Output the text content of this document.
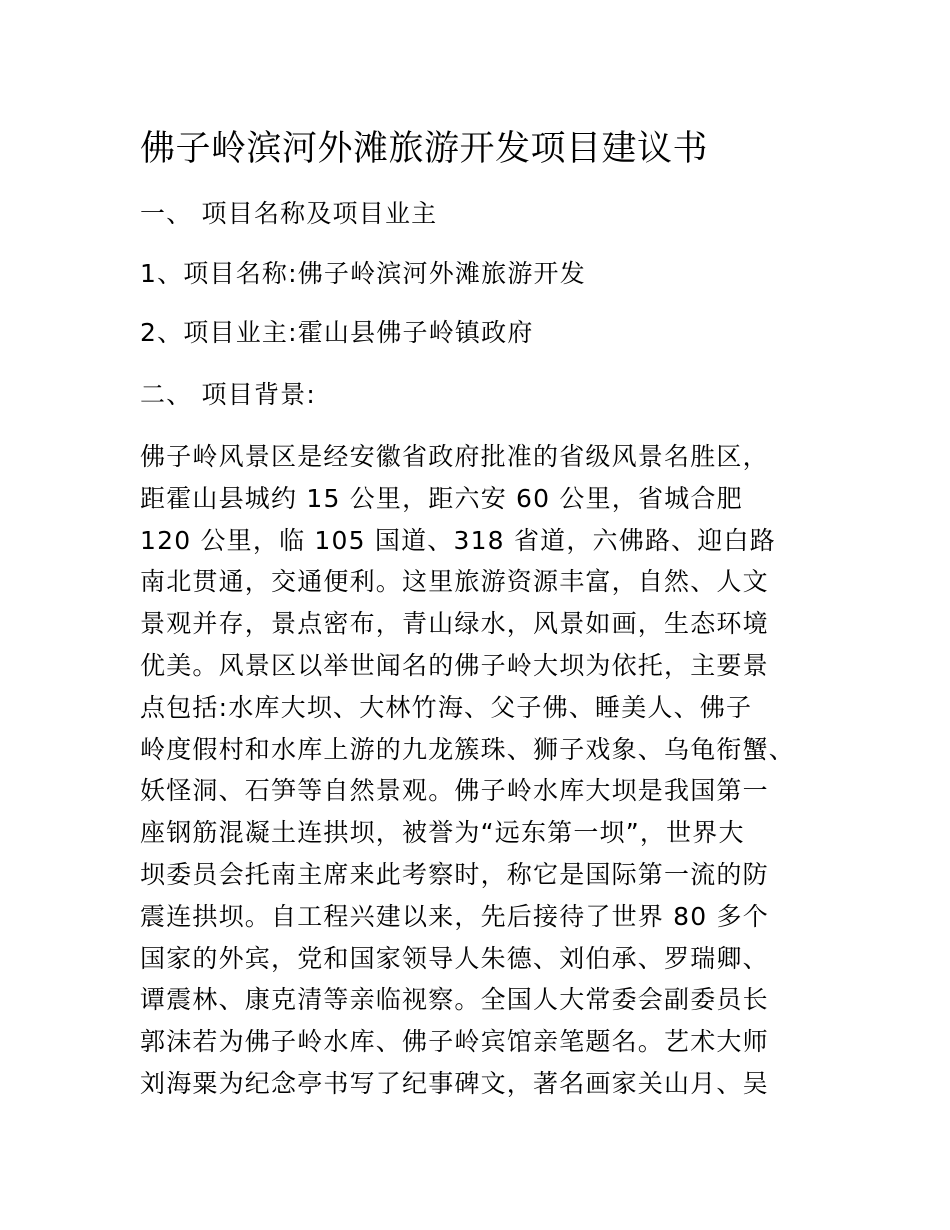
佛子岭滨河外滩旅游开发项目建议书

一、 项目名称及项目业主

1、项目名称:佛子岭滨河外滩旅游开发

2、项目业主:霍山县佛子岭镇政府

二、 项目背景:

佛子岭风景区是经安徽省政府批准的省级风景名胜区，
距霍山县城约 15 公里，距六安 60 公里，省城合肥
120 公里，临 105 国道、318 省道，六佛路、迎白路
南北贯通，交通便利。这里旅游资源丰富，自然、人文
景观并存，景点密布，青山绿水，风景如画，生态环境
优美。风景区以举世闻名的佛子岭大坝为依托，主要景
点包括:水库大坝、大林竹海、父子佛、睡美人、佛子
岭度假村和水库上游的九龙簇珠、狮子戏象、乌龟衔蟹、
妖怪洞、石笋等自然景观。佛子岭水库大坝是我国第一
座钢筋混凝土连拱坝，被誉为“远东第一坝”，世界大
坝委员会托南主席来此考察时，称它是国际第一流的防
震连拱坝。自工程兴建以来，先后接待了世界 80 多个
国家的外宾，党和国家领导人朱德、刘伯承、罗瑞卿、
谭震林、康克清等亲临视察。全国人大常委会副委员长
郭沫若为佛子岭水库、佛子岭宾馆亲笔题名。艺术大师
刘海粟为纪念亭书写了纪事碑文，著名画家关山月、吴
